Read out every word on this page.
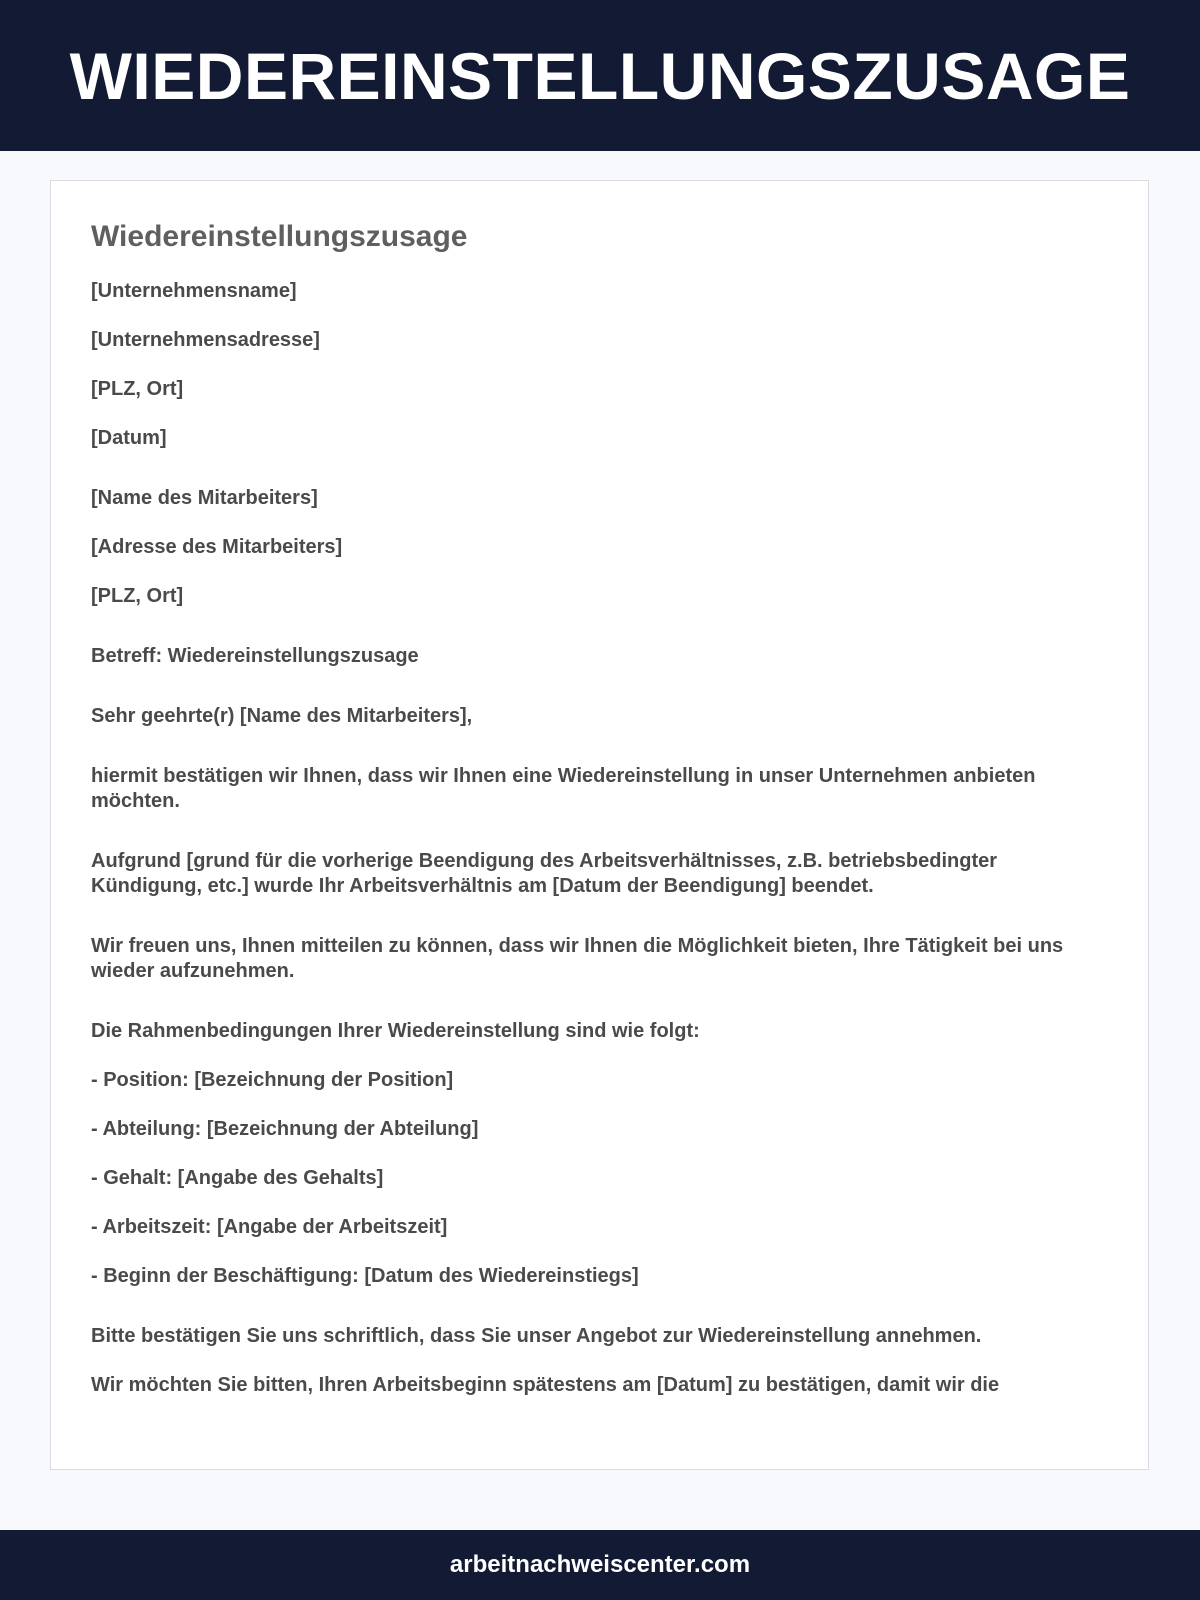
WIEDEREINSTELLUNGSZUSAGE
Wiedereinstellungszusage

[Unternehmensname]

[Unternehmensadresse]

[PLZ, Ort]

[Datum]

[Name des Mitarbeiters]

[Adresse des Mitarbeiters]

[PLZ, Ort]

Betreff: Wiedereinstellungszusage

Sehr geehrte(r) [Name des Mitarbeiters],

hiermit bestätigen wir Ihnen, dass wir Ihnen eine Wiedereinstellung in unser Unternehmen anbieten möchten.

Aufgrund [grund für die vorherige Beendigung des Arbeitsverhältnisses, z.B. betriebsbedingter Kündigung, etc.] wurde Ihr Arbeitsverhältnis am [Datum der Beendigung] beendet.

Wir freuen uns, Ihnen mitteilen zu können, dass wir Ihnen die Möglichkeit bieten, Ihre Tätigkeit bei uns wieder aufzunehmen.

Die Rahmenbedingungen Ihrer Wiedereinstellung sind wie folgt:

- Position: [Bezeichnung der Position]

- Abteilung: [Bezeichnung der Abteilung]

- Gehalt: [Angabe des Gehalts]

- Arbeitszeit: [Angabe der Arbeitszeit]

- Beginn der Beschäftigung: [Datum des Wiedereinstiegs]

Bitte bestätigen Sie uns schriftlich, dass Sie unser Angebot zur Wiedereinstellung annehmen.

Wir möchten Sie bitten, Ihren Arbeitsbeginn spätestens am [Datum] zu bestätigen, damit wir die

arbeitnachweiscenter.com
